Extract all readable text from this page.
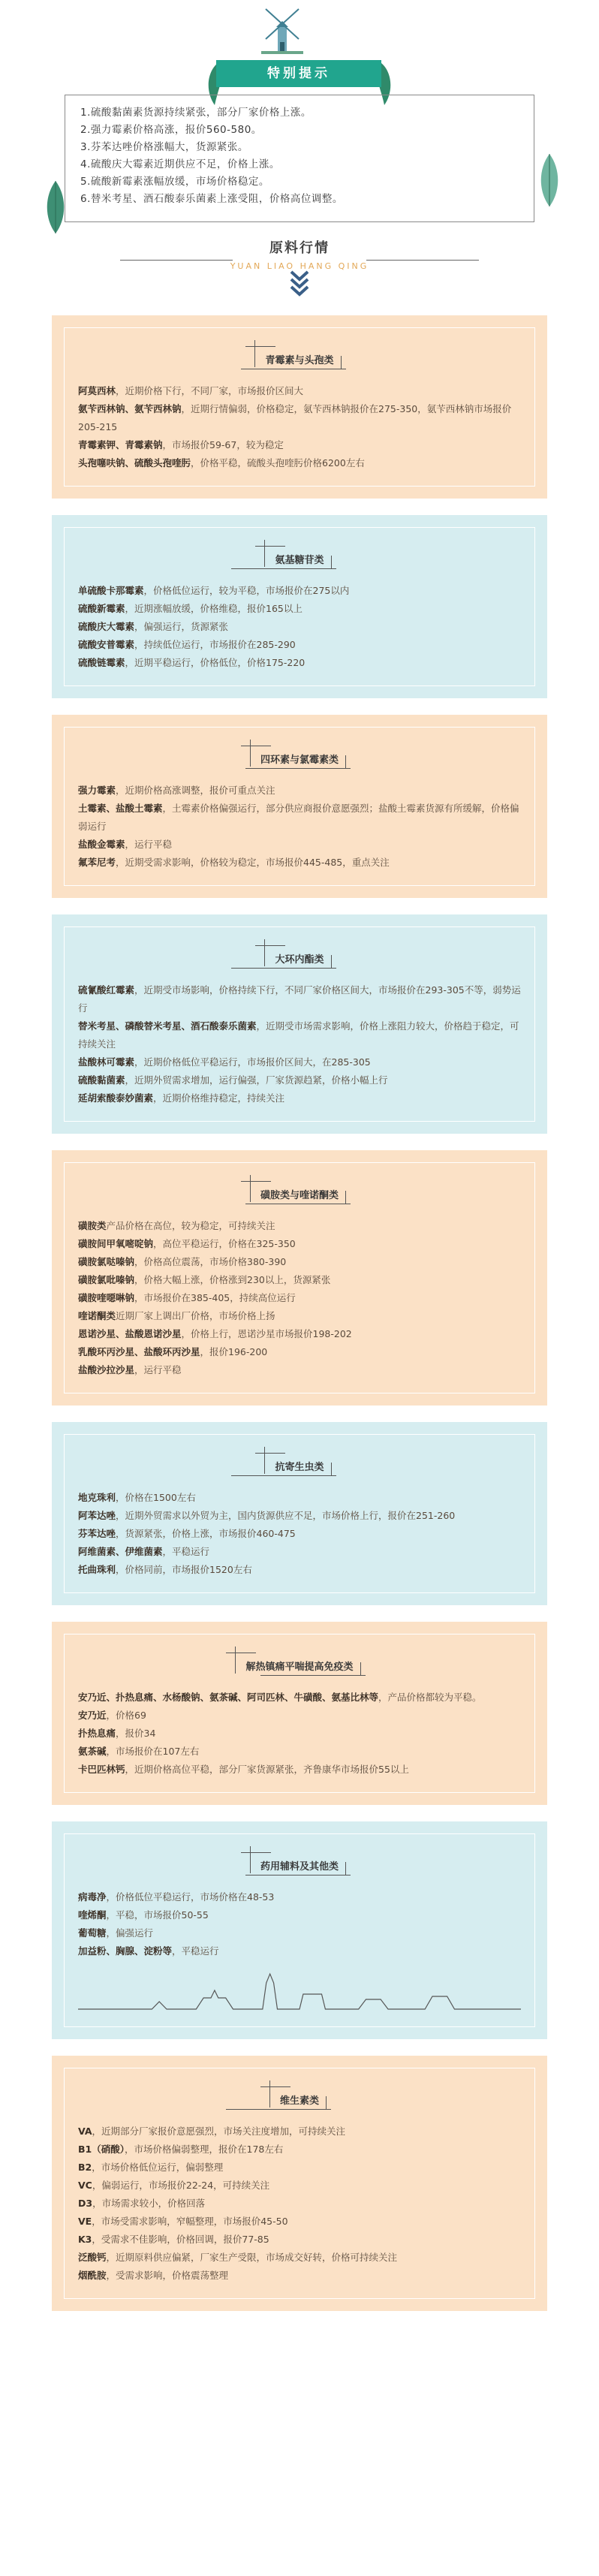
特别提示

1.硫酸黏菌素货源持续紧张，部分厂家价格上涨。

2.强力霉素价格高涨，报价560-580。

3.芬苯达唑价格涨幅大，货源紧张。

4.硫酸庆大霉素近期供应不足，价格上涨。

5.硫酸新霉素涨幅放缓，市场价格稳定。

6.替米考星、酒石酸泰乐菌素上涨受阻，价格高位调整。

原料行情
YUAN LIAO HANG QING
青霉素与头孢类
阿莫西林，近期价格下行，不同厂家，市场报价区间大
氨苄西林钠、氨苄西林钠，近期行情偏弱，价格稳定，氨苄西林钠报价在275-350，氨苄西林钠市场报价205-215
青霉素钾、青霉素钠，市场报价59-67，较为稳定
头孢噻呋钠、硫酸头孢喹肟，价格平稳，硫酸头孢喹肟价格6200左右
氨基糖苷类
单硫酸卡那霉素，价格低位运行，较为平稳，市场报价在275以内
硫酸新霉素，近期涨幅放缓，价格维稳，报价165以上
硫酸庆大霉素，偏强运行，货源紧张
硫酸安普霉素，持续低位运行，市场报价在285-290
硫酸链霉素，近期平稳运行，价格低位，价格175-220
四环素与氯霉素类
强力霉素，近期价格高涨调整，报价可重点关注
土霉素、盐酸土霉素，土霉素价格偏强运行，部分供应商报价意愿强烈；盐酸土霉素货源有所缓解，价格偏弱运行
盐酸金霉素，运行平稳
氟苯尼考，近期受需求影响，价格较为稳定，市场报价445-485，重点关注
大环内酯类
硫氰酸红霉素，近期受市场影响，价格持续下行，不同厂家价格区间大，市场报价在293-305不等，弱势运行
替米考星、磷酸替米考星、酒石酸泰乐菌素，近期受市场需求影响，价格上涨阻力较大，价格趋于稳定，可持续关注
盐酸林可霉素，近期价格低位平稳运行，市场报价区间大，在285-305
硫酸黏菌素，近期外贸需求增加，运行偏强，厂家货源趋紧，价格小幅上行
延胡索酸泰妙菌素，近期价格维持稳定，持续关注
磺胺类与喹诺酮类
磺胺类产品价格在高位，较为稳定，可持续关注
磺胺间甲氧嘧啶钠，高位平稳运行，价格在325-350
磺胺氯哒嗪钠，价格高位震荡，市场价格380-390
磺胺氯吡嗪钠，价格大幅上涨，价格涨到230以上，货源紧张
磺胺喹噁啉钠，市场报价在385-405，持续高位运行
喹诺酮类近期厂家上调出厂价格，市场价格上扬
恩诺沙星、盐酸恩诺沙星，价格上行，恩诺沙星市场报价198-202
乳酸环丙沙星、盐酸环丙沙星，报价196-200
盐酸沙拉沙星，运行平稳
抗寄生虫类
地克珠利，价格在1500左右
阿苯达唑，近期外贸需求以外贸为主，国内货源供应不足，市场价格上行，报价在251-260
芬苯达唑，货源紧张，价格上涨，市场报价460-475
阿维菌素、伊维菌素，平稳运行
托曲珠利，价格同前，市场报价1520左右
解热镇痛平喘提高免疫类
安乃近、扑热息痛、水杨酸钠、氨茶碱、阿司匹林、牛磺酸、氨基比林等，产品价格都较为平稳。
安乃近，价格69
扑热息痛，报价34
氨茶碱，市场报价在107左右
卡巴匹林钙，近期价格高位平稳，部分厂家货源紧张，齐鲁康华市场报价55以上
药用辅料及其他类
病毒净，价格低位平稳运行，市场价格在48-53
喹烯酮，平稳，市场报价50-55
葡萄糖，偏强运行
加益粉、胸腺、淀粉等，平稳运行
维生素类
VA，近期部分厂家报价意愿强烈，市场关注度增加，可持续关注
B1（硝酸），市场价格偏弱整理，报价在178左右
B2，市场价格低位运行，偏弱整理
VC，偏弱运行，市场报价22-24，可持续关注
D3，市场需求较小，价格回落
VE，市场受需求影响，窄幅整理，市场报价45-50
K3，受需求不佳影响，价格回调，报价77-85
泛酸钙，近期原料供应偏紧，厂家生产受限，市场成交好转，价格可持续关注
烟酰胺，受需求影响，价格震荡整理
